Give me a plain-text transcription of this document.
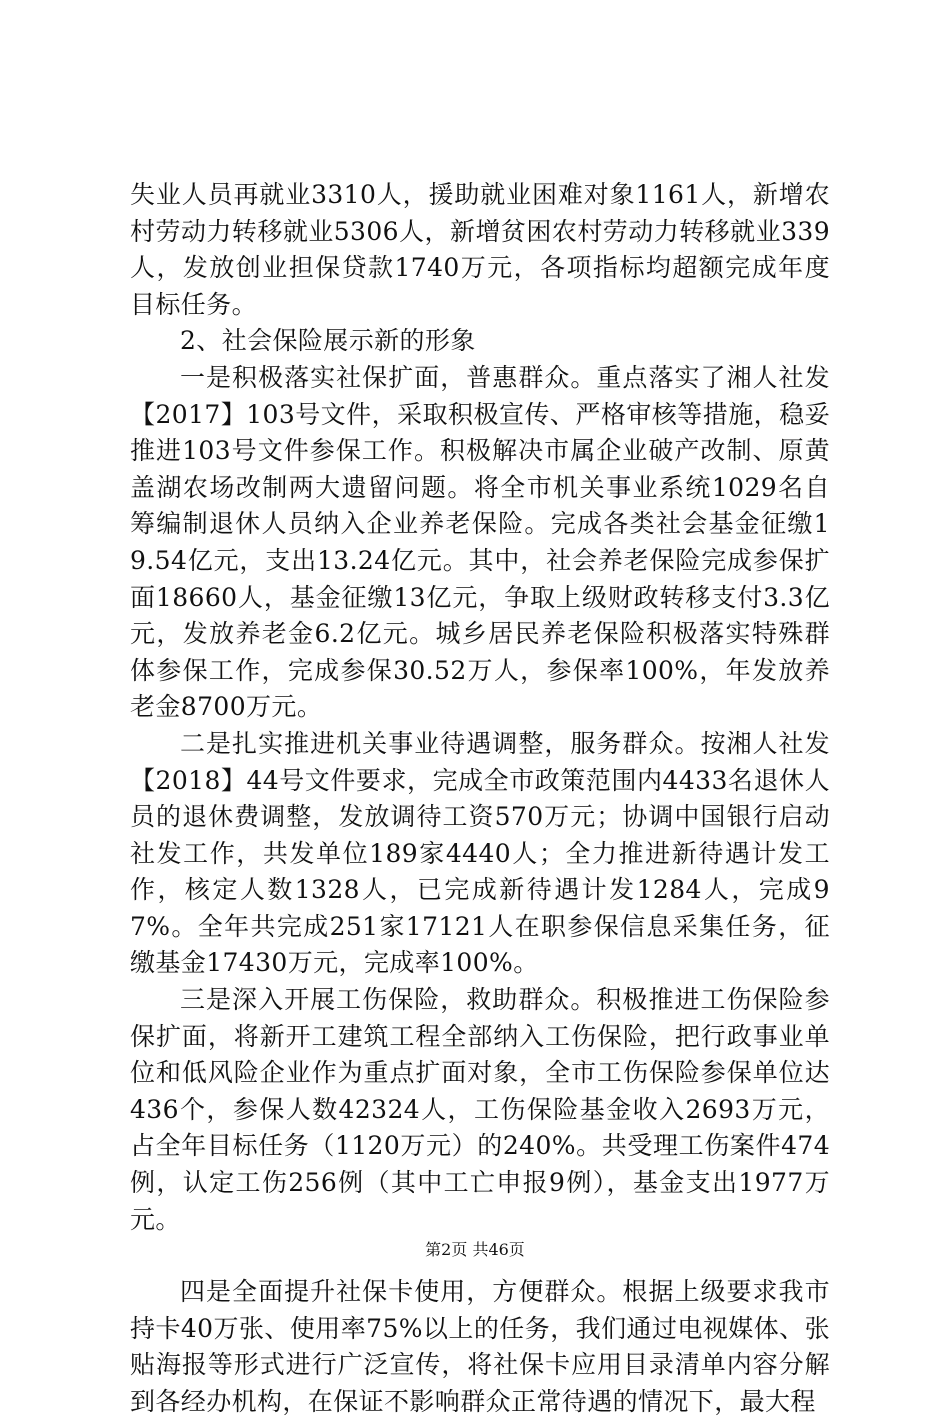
失业人员再就业3310人，援助就业困难对象1161人，新增农村劳动力转移就业5306人，新增贫困农村劳动力转移就业339人，发放创业担保贷款1740万元，各项指标均超额完成年度目标任务。

2、社会保险展示新的形象

一是积极落实社保扩面，普惠群众。重点落实了湘人社发【2017】103号文件，采取积极宣传、严格审核等措施，稳妥推进103号文件参保工作。积极解决市属企业破产改制、原黄盖湖农场改制两大遗留问题。将全市机关事业系统1029名自筹编制退休人员纳入企业养老保险。完成各类社会基金征缴19.54亿元，支出13.24亿元。其中，社会养老保险完成参保扩面18660人，基金征缴13亿元，争取上级财政转移支付3.3亿元，发放养老金6.2亿元。城乡居民养老保险积极落实特殊群体参保工作，完成参保30.52万人，参保率100%，年发放养老金8700万元。

二是扎实推进机关事业待遇调整，服务群众。按湘人社发【2018】44号文件要求，完成全市政策范围内4433名退休人员的退休费调整，发放调待工资570万元；协调中国银行启动社发工作，共发单位189家4440人；全力推进新待遇计发工作，核定人数1328人，已完成新待遇计发1284人，完成97%。全年共完成251家17121人在职参保信息采集任务，征缴基金17430万元，完成率100%。

三是深入开展工伤保险，救助群众。积极推进工伤保险参保扩面，将新开工建筑工程全部纳入工伤保险，把行政事业单位和低风险企业作为重点扩面对象，全市工伤保险参保单位达436个，参保人数42324人，工伤保险基金收入2693万元，占全年目标任务（1120万元）的240%。共受理工伤案件474例，认定工伤256例（其中工亡申报9例），基金支出1977万元。

四是全面提升社保卡使用，方便群众。根据上级要求我市持卡40万张、使用率75%以上的任务，我们通过电视媒体、张贴海报等形式进行广泛宣传，将社保卡应用目录清单内容分解到各经办机构，在保证不影响群众正常待遇的情况下，最大程

第2页 共46页
